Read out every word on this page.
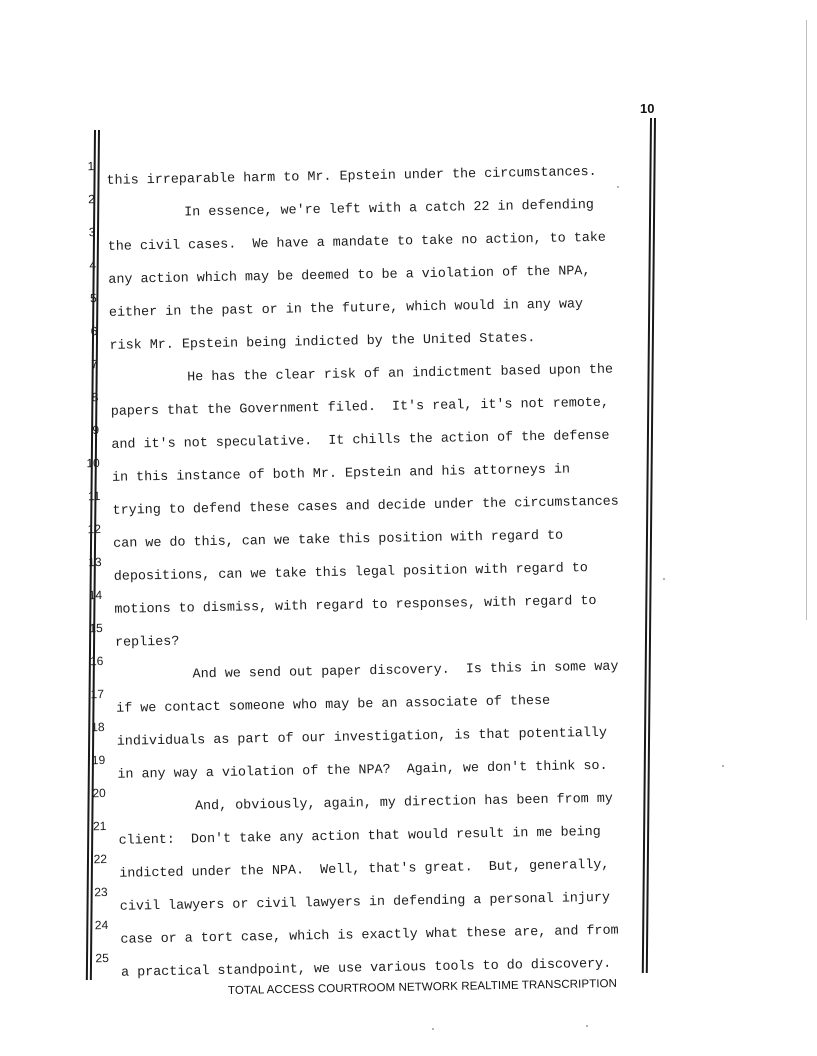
10

1

this irreparable harm to Mr. Epstein under the circumstances.

2

	In essence, we're left with a catch 22 in defending

3

the civil cases.  We have a mandate to take no action, to take

4

any action which may be deemed to be a violation of the NPA,

5

either in the past or in the future, which would in any way

6

risk Mr. Epstein being indicted by the United States.

7

	He has the clear risk of an indictment based upon the

8

papers that the Government filed.  It's real, it's not remote,

9

and it's not speculative.  It chills the action of the defense

10

in this instance of both Mr. Epstein and his attorneys in

11

trying to defend these cases and decide under the circumstances

12

can we do this, can we take this position with regard to

13

depositions, can we take this legal position with regard to

14

motions to dismiss, with regard to responses, with regard to

15

replies?

16

	And we send out paper discovery.  Is this in some way

17

if we contact someone who may be an associate of these

18

individuals as part of our investigation, is that potentially

19

in any way a violation of the NPA?  Again, we don't think so.

20

	And, obviously, again, my direction has been from my

21

client:  Don't take any action that would result in me being

22

indicted under the NPA.  Well, that's great.  But, generally,

23

civil lawyers or civil lawyers in defending a personal injury

24

case or a tort case, which is exactly what these are, and from

25

a practical standpoint, we use various tools to do discovery.

TOTAL ACCESS COURTROOM NETWORK REALTIME TRANSCRIPTION
